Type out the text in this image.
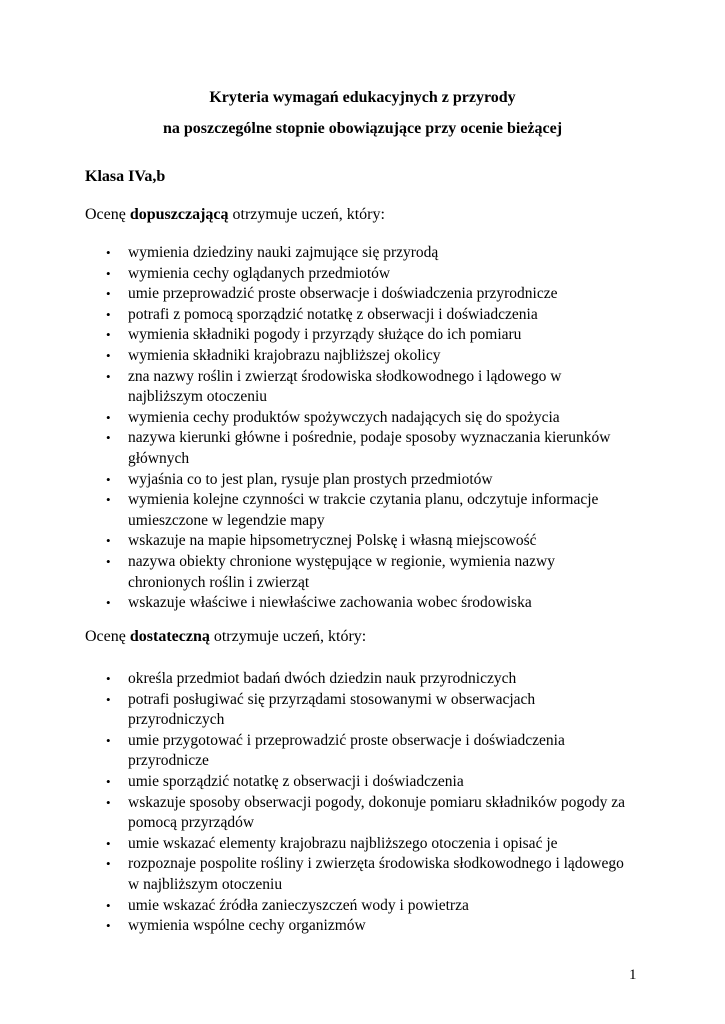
Kryteria wymagań edukacyjnych z przyrody

na poszczególne stopnie obowiązujące przy ocenie bieżącej

Klasa IVa,b

Ocenę dopuszczającą otrzymuje uczeń, który:

•	wymienia dziedziny nauki zajmujące się przyrodą
•	wymienia cechy oglądanych przedmiotów
•	umie przeprowadzić proste obserwacje i doświadczenia przyrodnicze
•	potrafi z pomocą sporządzić notatkę z obserwacji i doświadczenia
•	wymienia składniki pogody i przyrządy służące do ich pomiaru
•	wymienia składniki krajobrazu najbliższej okolicy
•	zna nazwy roślin i zwierząt środowiska słodkowodnego i lądowego w najbliższym otoczeniu
•	wymienia cechy produktów spożywczych nadających się do spożycia
•	nazywa kierunki główne i pośrednie, podaje sposoby wyznaczania kierunków głównych
•	wyjaśnia co to jest plan, rysuje plan prostych przedmiotów
•	wymienia kolejne czynności w trakcie czytania planu, odczytuje informacje umieszczone w legendzie mapy
•	wskazuje na mapie hipsometrycznej Polskę i własną miejscowość
•	nazywa obiekty chronione występujące w regionie, wymienia nazwy chronionych roślin i zwierząt
•	wskazuje właściwe i niewłaściwe zachowania wobec środowiska

Ocenę dostateczną otrzymuje uczeń, który:

•	określa przedmiot badań dwóch dziedzin nauk przyrodniczych
•	potrafi posługiwać się przyrządami stosowanymi w obserwacjach przyrodniczych
•	umie przygotować i przeprowadzić proste obserwacje i doświadczenia przyrodnicze
•	umie sporządzić notatkę z obserwacji i doświadczenia
•	wskazuje sposoby obserwacji pogody, dokonuje pomiaru składników pogody za pomocą przyrządów
•	umie wskazać elementy krajobrazu najbliższego otoczenia i opisać je
•	rozpoznaje pospolite rośliny i zwierzęta środowiska słodkowodnego i lądowego w najbliższym otoczeniu
•	umie wskazać źródła zanieczyszczeń wody i powietrza
•	wymienia wspólne cechy organizmów

1
